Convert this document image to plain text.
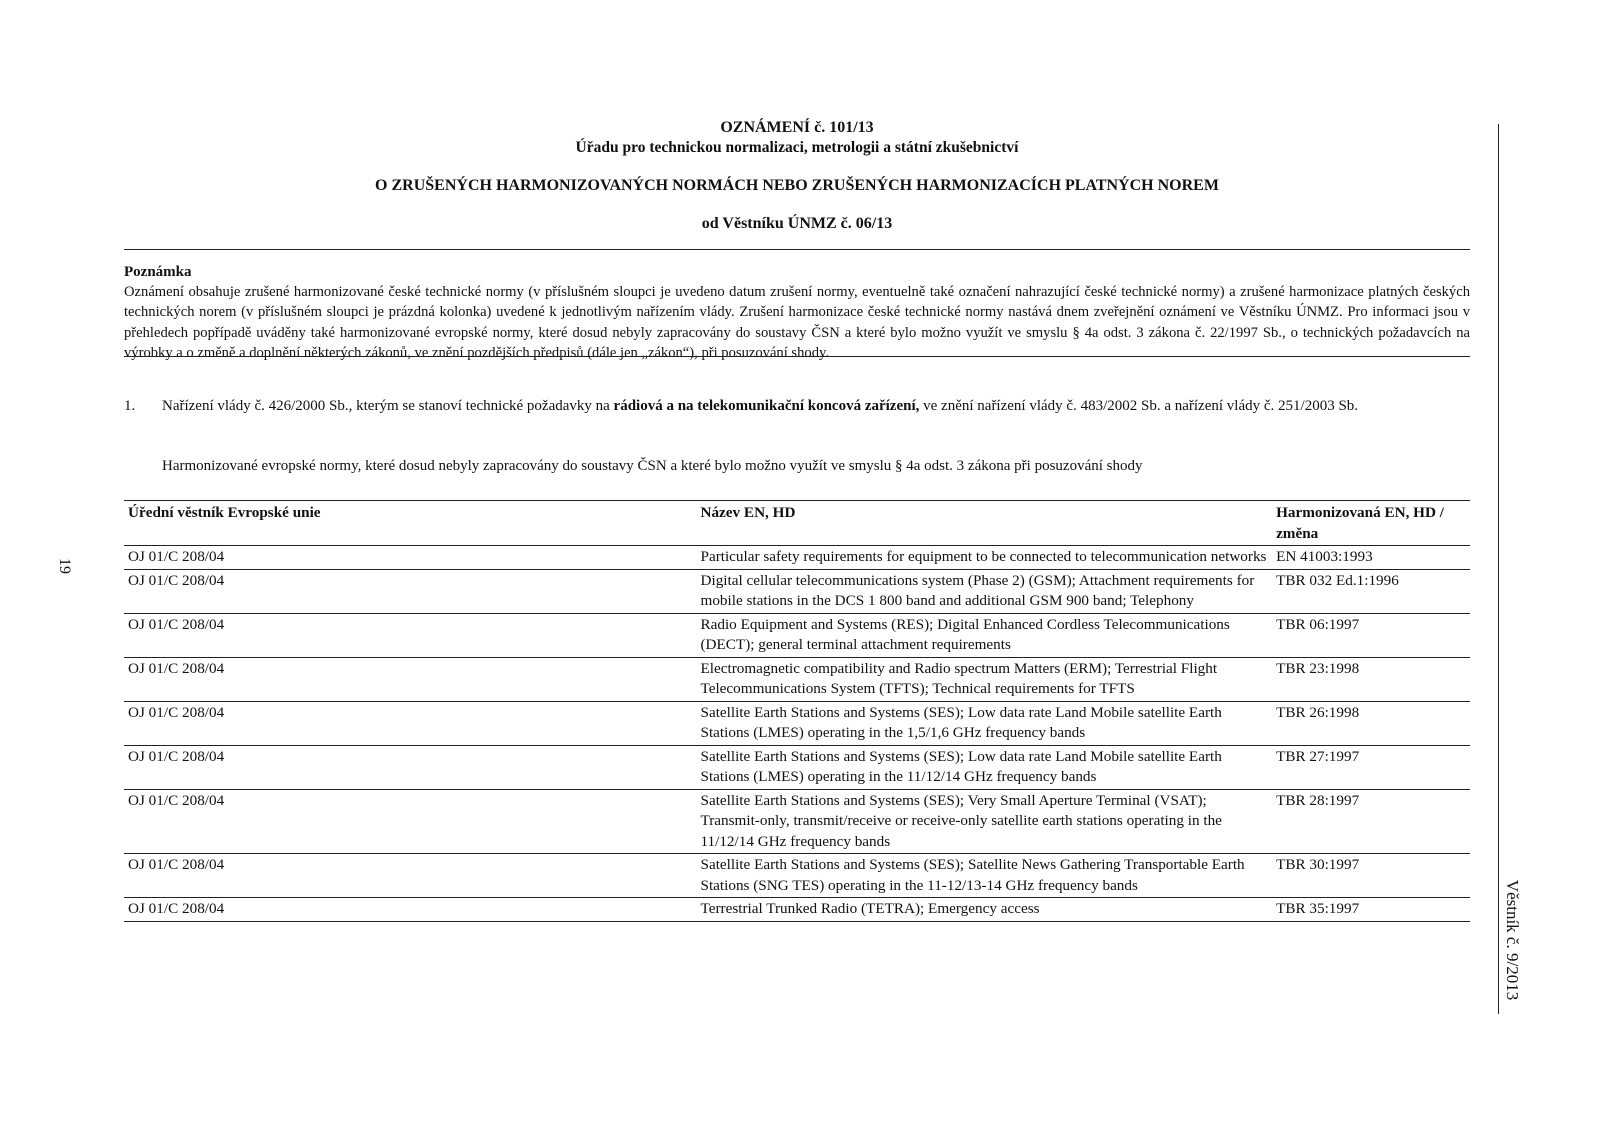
OZNÁMENÍ č. 101/13
Úřadu pro technickou normalizaci, metrologii a státní zkušebnictví
O ZRUŠENÝCH HARMONIZOVANÝCH NORMÁCH NEBO ZRUŠENÝCH HARMONIZACÍCH PLATNÝCH NOREM
od Věstníku ÚNMZ č. 06/13
Poznámka
Oznámení obsahuje zrušené harmonizované české technické normy (v příslušném sloupci je uvedeno datum zrušení normy, eventuelně také označení nahrazující české technické normy) a zrušené harmonizace platných českých technických norem (v příslušném sloupci je prázdná kolonka) uvedené k jednotlivým nařízením vlády. Zrušení harmonizace české technické normy nastává dnem zveřejnění oznámení ve Věstníku ÚNMZ. Pro informaci jsou v přehledech popřípadě uváděny také harmonizované evropské normy, které dosud nebyly zapracovány do soustavy ČSN a které bylo možno využít ve smyslu § 4a odst. 3 zákona č. 22/1997 Sb., o technických požadavcích na výrobky a o změně a doplnění některých zákonů, ve znění pozdějších předpisů (dále jen „zákon“), při posuzování shody.
1. Nařízení vlády č. 426/2000 Sb., kterým se stanoví technické požadavky na rádiová a na telekomunikační koncová zařízení, ve znění nařízení vlády č. 483/2002 Sb. a nařízení vlády č. 251/2003 Sb.
Harmonizované evropské normy, které dosud nebyly zapracovány do soustavy ČSN a které bylo možno využít ve smyslu § 4a odst. 3 zákona při posuzování shody
Úřední věstník Evropské unie	Název EN, HD	Harmonizovaná EN, HD / změna
OJ 01/C 208/04	Particular safety requirements for equipment to be connected to telecommunication networks	EN 41003:1993
OJ 01/C 208/04	Digital cellular telecommunications system (Phase 2) (GSM); Attachment requirements for mobile stations in the DCS 1 800 band and additional GSM 900 band; Telephony	TBR 032 Ed.1:1996
OJ 01/C 208/04	Radio Equipment and Systems (RES); Digital Enhanced Cordless Telecommunications (DECT); general terminal attachment requirements	TBR 06:1997
OJ 01/C 208/04	Electromagnetic compatibility and Radio spectrum Matters (ERM); Terrestrial Flight Telecommunications System (TFTS); Technical requirements for TFTS	TBR 23:1998
OJ 01/C 208/04	Satellite Earth Stations and Systems (SES); Low data rate Land Mobile satellite Earth Stations (LMES) operating in the 1,5/1,6 GHz frequency bands	TBR 26:1998
OJ 01/C 208/04	Satellite Earth Stations and Systems (SES); Low data rate Land Mobile satellite Earth Stations (LMES) operating in the 11/12/14 GHz frequency bands	TBR 27:1997
OJ 01/C 208/04	Satellite Earth Stations and Systems (SES); Very Small Aperture Terminal (VSAT); Transmit-only, transmit/receive or receive-only satellite earth stations operating in the 11/12/14 GHz frequency bands	TBR 28:1997
OJ 01/C 208/04	Satellite Earth Stations and Systems (SES); Satellite News Gathering Transportable Earth Stations (SNG TES) operating in the 11-12/13-14 GHz frequency bands	TBR 30:1997
OJ 01/C 208/04	Terrestrial Trunked Radio (TETRA); Emergency access	TBR 35:1997
19
Věstník č. 9/2013
